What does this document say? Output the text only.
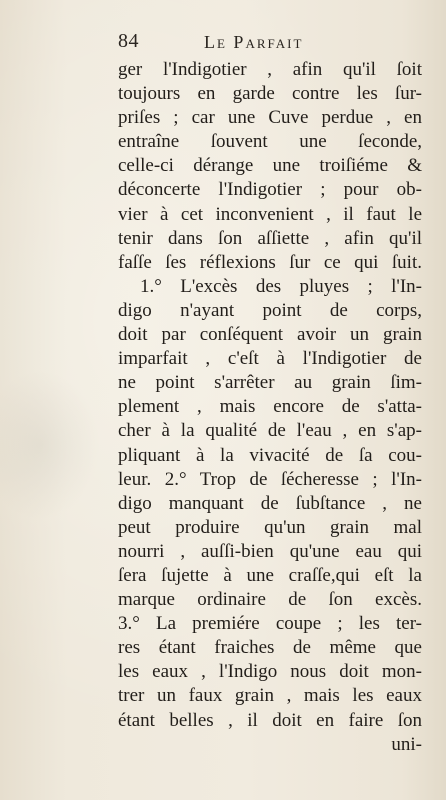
84	Le Parfait
ger l'Indigotier , afin qu'il ſoit
toujours en garde contre les ſur-
priſes ; car une Cuve perdue , en
entraîne ſouvent une ſeconde,
celle-ci dérange une troiſiéme &
déconcerte l'Indigotier ; pour ob-
vier à cet inconvenient , il faut le
tenir dans ſon aſſiette , afin qu'il
faſſe ſes réflexions ſur ce qui ſuit.
1.° L'excès des pluyes ; l'In-
digo n'ayant point de corps,
doit par conſéquent avoir un grain
imparfait , c'eſt à l'Indigotier de
ne point s'arrêter au grain ſim-
plement , mais encore de s'atta-
cher à la qualité de l'eau , en s'ap-
pliquant à la vivacité de ſa cou-
leur. 2.° Trop de ſécheresse ; l'In-
digo manquant de ſubſtance , ne
peut produire qu'un grain mal
nourri , auſſi-bien qu'une eau qui
ſera ſujette à une craſſe,qui eſt la
marque ordinaire de ſon excès.
3.° La premiére coupe ; les ter-
res étant fraiches de même que
les eaux , l'Indigo nous doit mon-
trer un faux grain , mais les eaux
étant belles , il doit en faire ſon
uni-
